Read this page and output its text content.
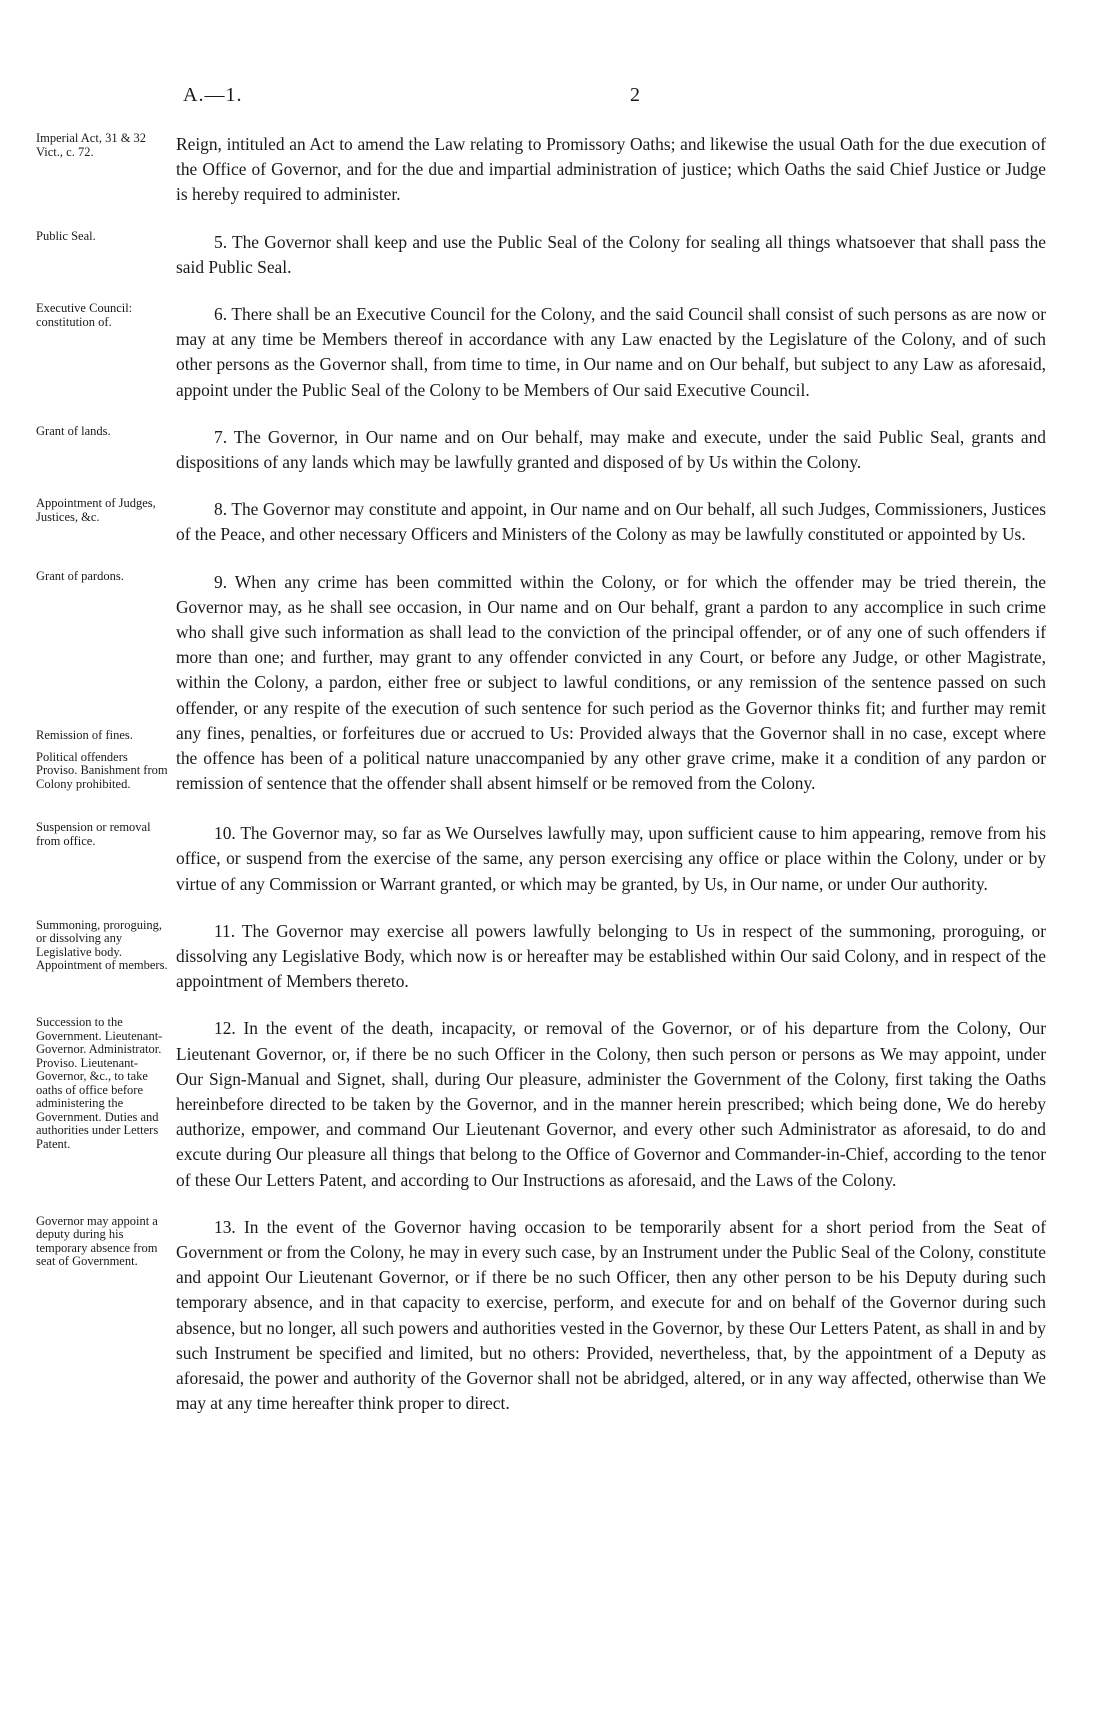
A.—1.	2
Imperial Act, 31 & 32 Vict., c. 72.	Reign, intituled an Act to amend the Law relating to Promissory Oaths; and likewise the usual Oath for the due execution of the Office of Governor, and for the due and impartial administration of justice; which Oaths the said Chief Justice or Judge is hereby required to administer.

Public Seal.	5. The Governor shall keep and use the Public Seal of the Colony for sealing all things whatsoever that shall pass the said Public Seal.

Executive Council: constitution of.	6. There shall be an Executive Council for the Colony, and the said Council shall consist of such persons as are now or may at any time be Members thereof in accordance with any Law enacted by the Legislature of the Colony, and of such other persons as the Governor shall, from time to time, in Our name and on Our behalf, but subject to any Law as aforesaid, appoint under the Public Seal of the Colony to be Members of Our said Executive Council.

Grant of lands.	7. The Governor, in Our name and on Our behalf, may make and execute, under the said Public Seal, grants and dispositions of any lands which may be lawfully granted and disposed of by Us within the Colony.

Appointment of Judges, Justices, &c.	8. The Governor may constitute and appoint, in Our name and on Our behalf, all such Judges, Commissioners, Justices of the Peace, and other necessary Officers and Ministers of the Colony as may be lawfully constituted or appointed by Us.

Grant of pardons.
Remission of fines.
Political offenders Proviso. Banishment from Colony prohibited.

9. When any crime has been committed within the Colony, or for which the offender may be tried therein, the Governor may, as he shall see occasion, in Our name and on Our behalf, grant a pardon to any accomplice in such crime who shall give such information as shall lead to the conviction of the principal offender, or of any one of such offenders if more than one; and further, may grant to any offender convicted in any Court, or before any Judge, or other Magistrate, within the Colony, a pardon, either free or subject to lawful conditions, or any remission of the sentence passed on such offender, or any respite of the execution of such sentence for such period as the Governor thinks fit; and further may remit any fines, penalties, or forfeitures due or accrued to Us: Provided always that the Governor shall in no case, except where the offence has been of a political nature unaccompanied by any other grave crime, make it a condition of any pardon or remission of sentence that the offender shall absent himself or be removed from the Colony.

Suspension or removal from office.	10. The Governor may, so far as We Ourselves lawfully may, upon sufficient cause to him appearing, remove from his office, or suspend from the exercise of the same, any person exercising any office or place within the Colony, under or by virtue of any Commission or Warrant granted, or which may be granted, by Us, in Our name, or under Our authority.

Summoning, proroguing, or dissolving any Legislative body. Appointment of members.

11. The Governor may exercise all powers lawfully belonging to Us in respect of the summoning, proroguing, or dissolving any Legislative Body, which now is or hereafter may be established within Our said Colony, and in respect of the appointment of Members thereto.

Succession to the Government. Lieutenant-Governor. Administrator. Proviso. Lieutenant-Governor, &c., to take oaths of office before administering the Government. Duties and authorities under Letters Patent.

12. In the event of the death, incapacity, or removal of the Governor, or of his departure from the Colony, Our Lieutenant Governor, or, if there be no such Officer in the Colony, then such person or persons as We may appoint, under Our Sign-Manual and Signet, shall, during Our pleasure, administer the Government of the Colony, first taking the Oaths hereinbefore directed to be taken by the Governor, and in the manner herein prescribed; which being done, We do hereby authorize, empower, and command Our Lieutenant Governor, and every other such Administrator as aforesaid, to do and excute during Our pleasure all things that belong to the Office of Governor and Commander-in-Chief, according to the tenor of these Our Letters Patent, and according to Our Instructions as aforesaid, and the Laws of the Colony.

Governor may appoint a deputy during his temporary absence from seat of Government.

13. In the event of the Governor having occasion to be temporarily absent for a short period from the Seat of Government or from the Colony, he may in every such case, by an Instrument under the Public Seal of the Colony, constitute and appoint Our Lieutenant Governor, or if there be no such Officer, then any other person to be his Deputy during such temporary absence, and in that capacity to exercise, perform, and execute for and on behalf of the Governor during such absence, but no longer, all such powers and authorities vested in the Governor, by these Our Letters Patent, as shall in and by such Instrument be specified and limited, but no others: Provided, nevertheless, that, by the appointment of a Deputy as aforesaid, the power and authority of the Governor shall not be abridged, altered, or in any way affected, otherwise than We may at any time hereafter think proper to direct.
